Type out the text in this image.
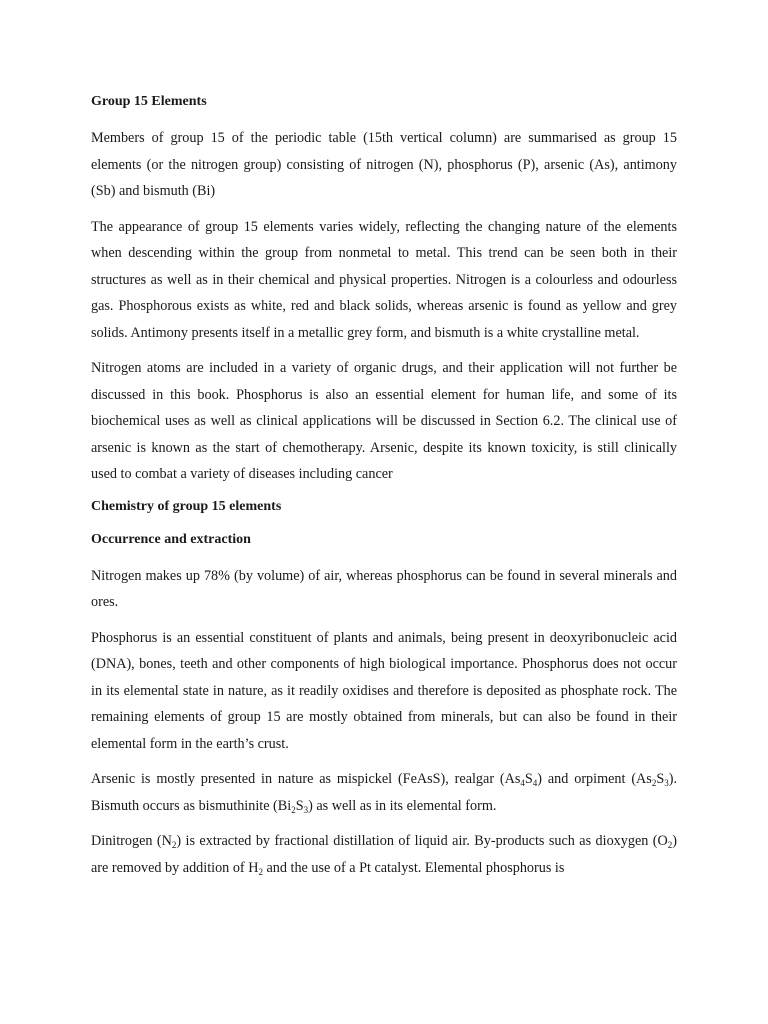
Group 15 Elements

Members of group 15 of the periodic table (15th vertical column) are summarised as group 15 elements (or the nitrogen group) consisting of nitrogen (N), phosphorus (P), arsenic (As), antimony (Sb) and bismuth (Bi)

The appearance of group 15 elements varies widely, reflecting the changing nature of the elements when descending within the group from nonmetal to metal. This trend can be seen both in their structures as well as in their chemical and physical properties. Nitrogen is a colourless and odourless gas. Phosphorous exists as white, red and black solids, whereas arsenic is found as yellow and grey solids. Antimony presents itself in a metallic grey form, and bismuth is a white crystalline metal.

Nitrogen atoms are included in a variety of organic drugs, and their application will not further be discussed in this book. Phosphorus is also an essential element for human life, and some of its biochemical uses as well as clinical applications will be discussed in Section 6.2. The clinical use of arsenic is known as the start of chemotherapy. Arsenic, despite its known toxicity, is still clinically used to combat a variety of diseases including cancer

Chemistry of group 15 elements
Occurrence and extraction

Nitrogen makes up 78% (by volume) of air, whereas phosphorus can be found in several minerals and ores.

Phosphorus is an essential constituent of plants and animals, being present in deoxyribonucleic acid (DNA), bones, teeth and other components of high biological importance. Phosphorus does not occur in its elemental state in nature, as it readily oxidises and therefore is deposited as phosphate rock. The remaining elements of group 15 are mostly obtained from minerals, but can also be found in their elemental form in the earth’s crust.

Arsenic is mostly presented in nature as mispickel (FeAsS), realgar $(As_4S_4)$ and orpiment $(As_2S_3)$. Bismuth occurs as bismuthinite $(Bi_2S_3)$ as well as in its elemental form.

Dinitrogen $(N_2)$ is extracted by fractional distillation of liquid air. By-products such as dioxygen $(O_2)$ are removed by addition of $H_2$ and the use of a Pt catalyst. Elemental phosphorus is
